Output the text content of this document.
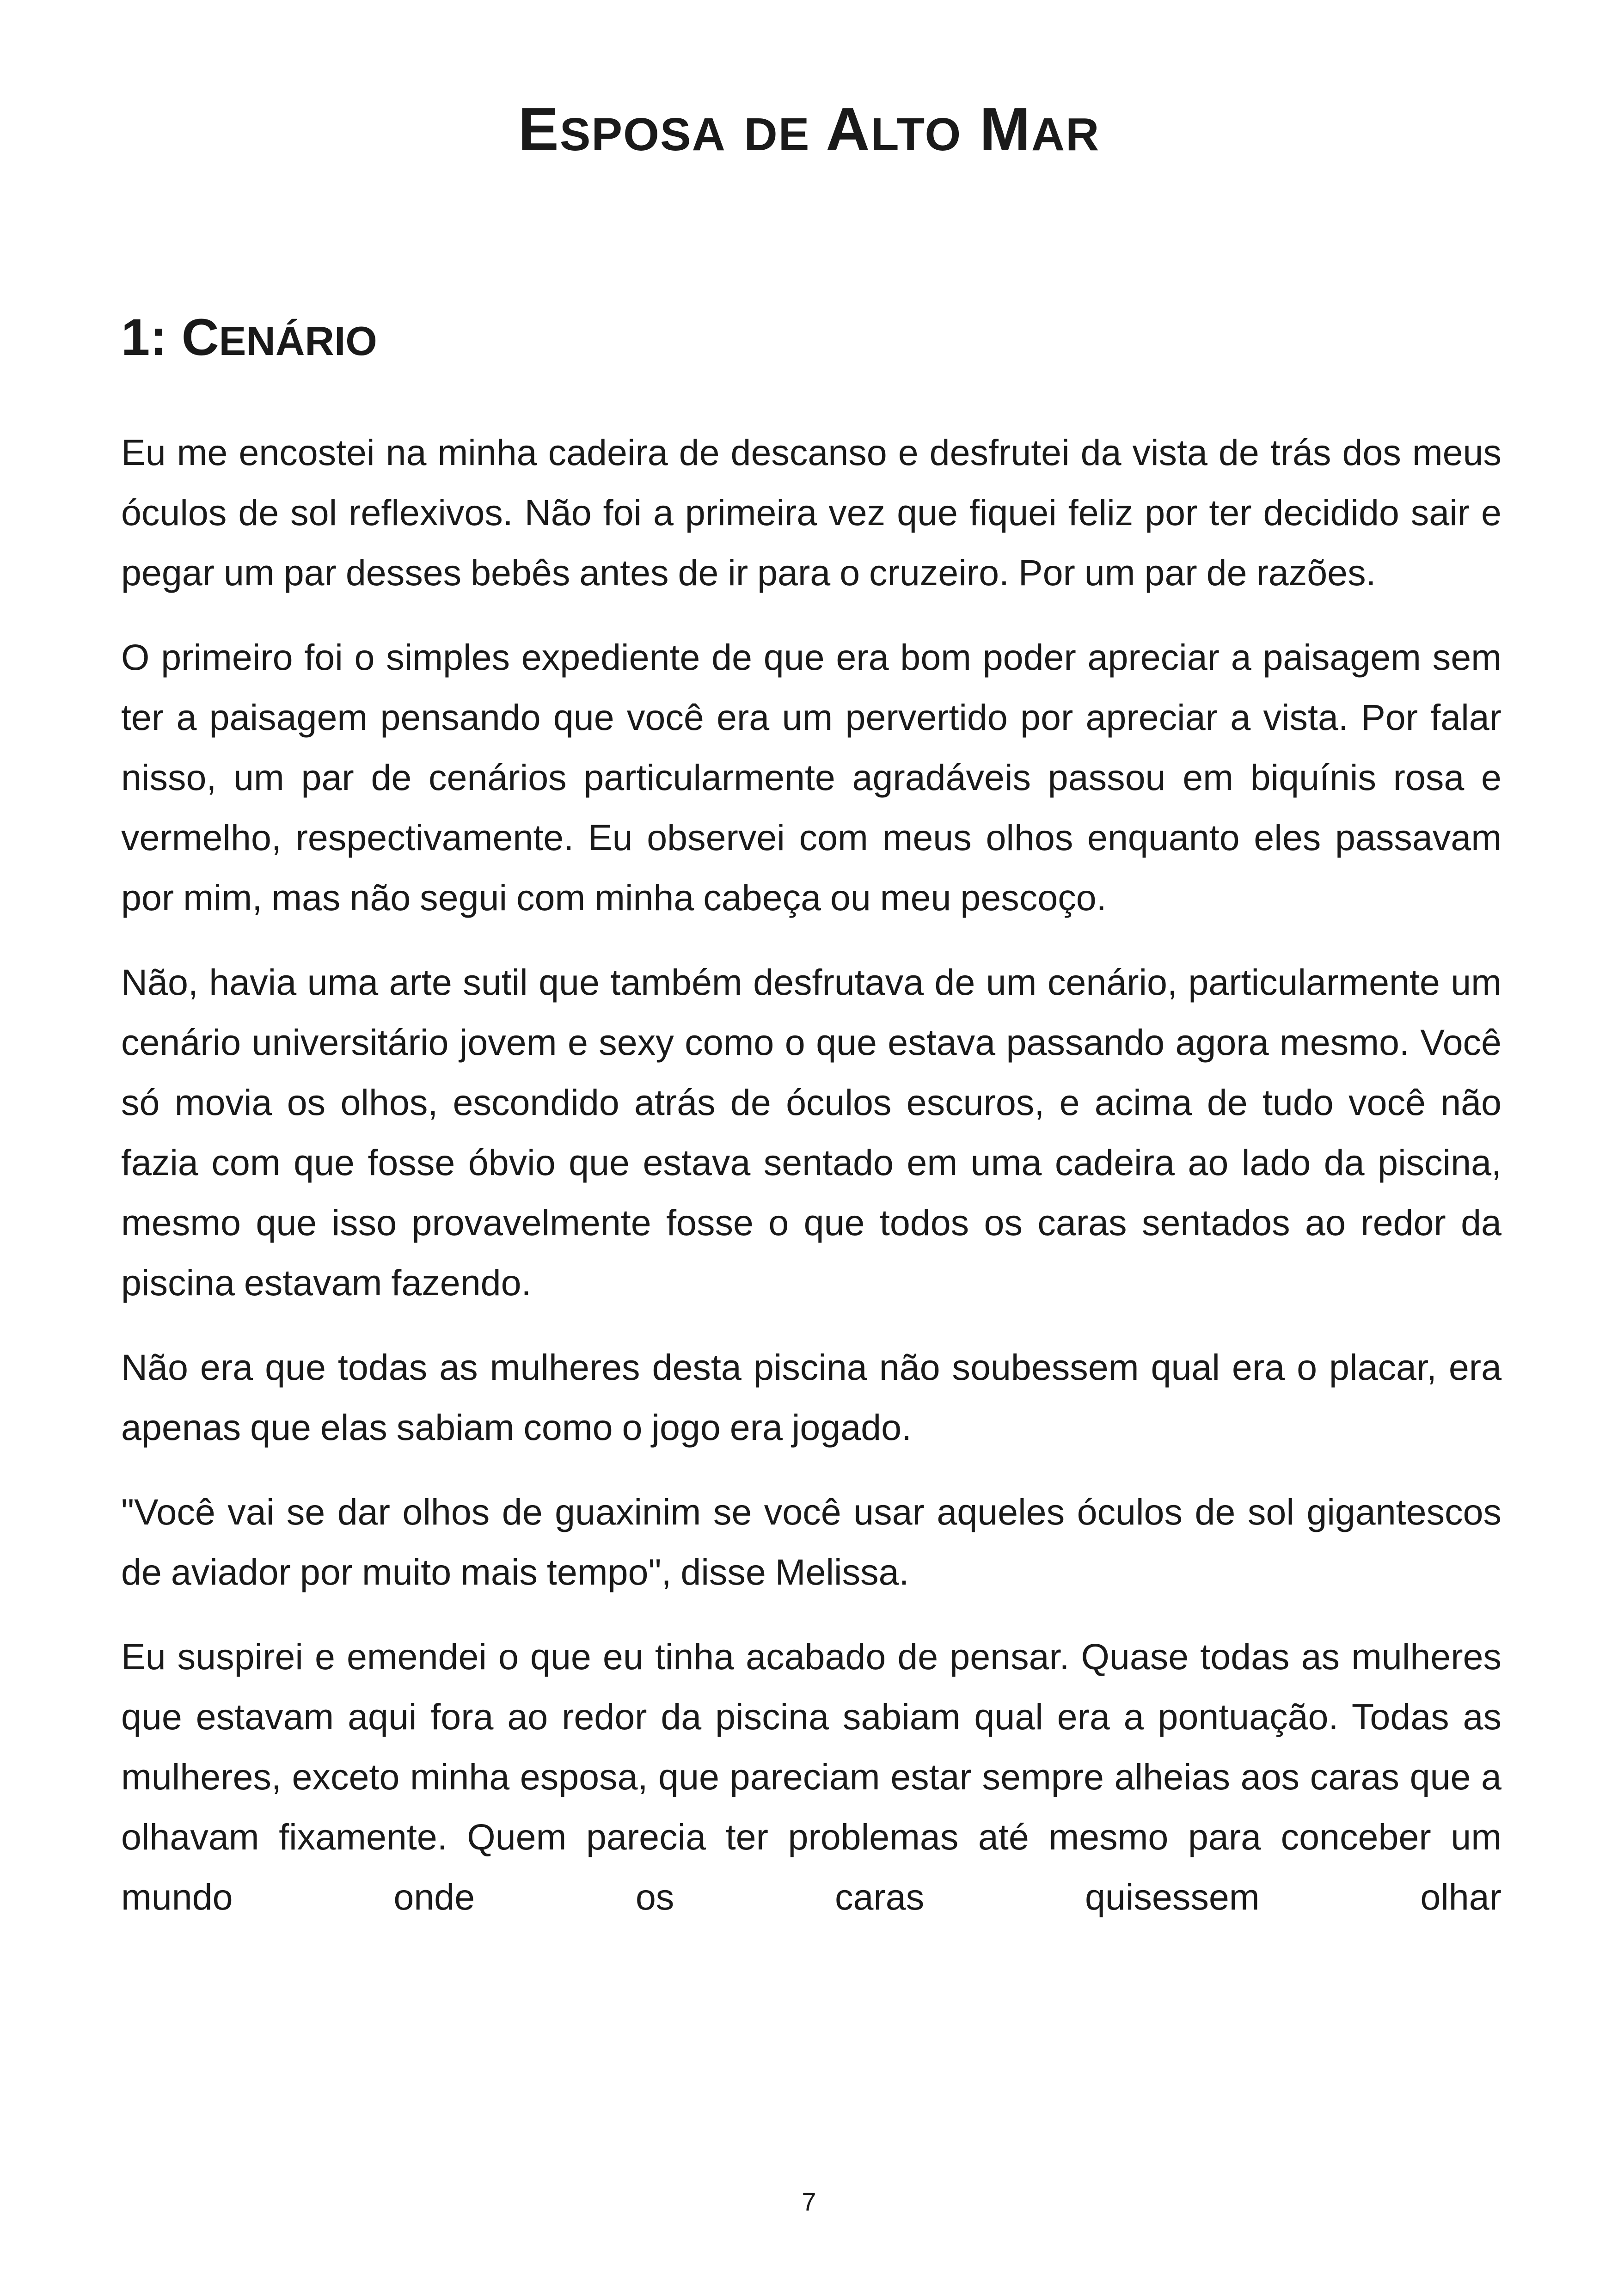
ESPOSA DE ALTO MAR
1: CENÁRIO

Eu me encostei na minha cadeira de descanso e desfrutei da vista de trás dos meus óculos de sol reflexivos. Não foi a primeira vez que fiquei feliz por ter decidido sair e pegar um par desses bebês antes de ir para o cruzeiro. Por um par de razões.

O primeiro foi o simples expediente de que era bom poder apreciar a paisagem sem ter a paisagem pensando que você era um pervertido por apreciar a vista. Por falar nisso, um par de cenários particularmente agradáveis passou em biquínis rosa e vermelho, respectivamente. Eu observei com meus olhos enquanto eles passavam por mim, mas não segui com minha cabeça ou meu pescoço.

Não, havia uma arte sutil que também desfrutava de um cenário, particularmente um cenário universitário jovem e sexy como o que estava passando agora mesmo. Você só movia os olhos, escondido atrás de óculos escuros, e acima de tudo você não fazia com que fosse óbvio que estava sentado em uma cadeira ao lado da piscina, mesmo que isso provavelmente fosse o que todos os caras sentados ao redor da piscina estavam fazendo.

Não era que todas as mulheres desta piscina não soubessem qual era o placar, era apenas que elas sabiam como o jogo era jogado.

"Você vai se dar olhos de guaxinim se você usar aqueles óculos de sol gigantescos de aviador por muito mais tempo", disse Melissa.

Eu suspirei e emendei o que eu tinha acabado de pensar. Quase todas as mulheres que estavam aqui fora ao redor da piscina sabiam qual era a pontuação. Todas as mulheres, exceto minha esposa, que pareciam estar sempre alheias aos caras que a olhavam fixamente. Quem parecia ter problemas até mesmo para conceber um mundo onde os caras quisessem olhar

7
